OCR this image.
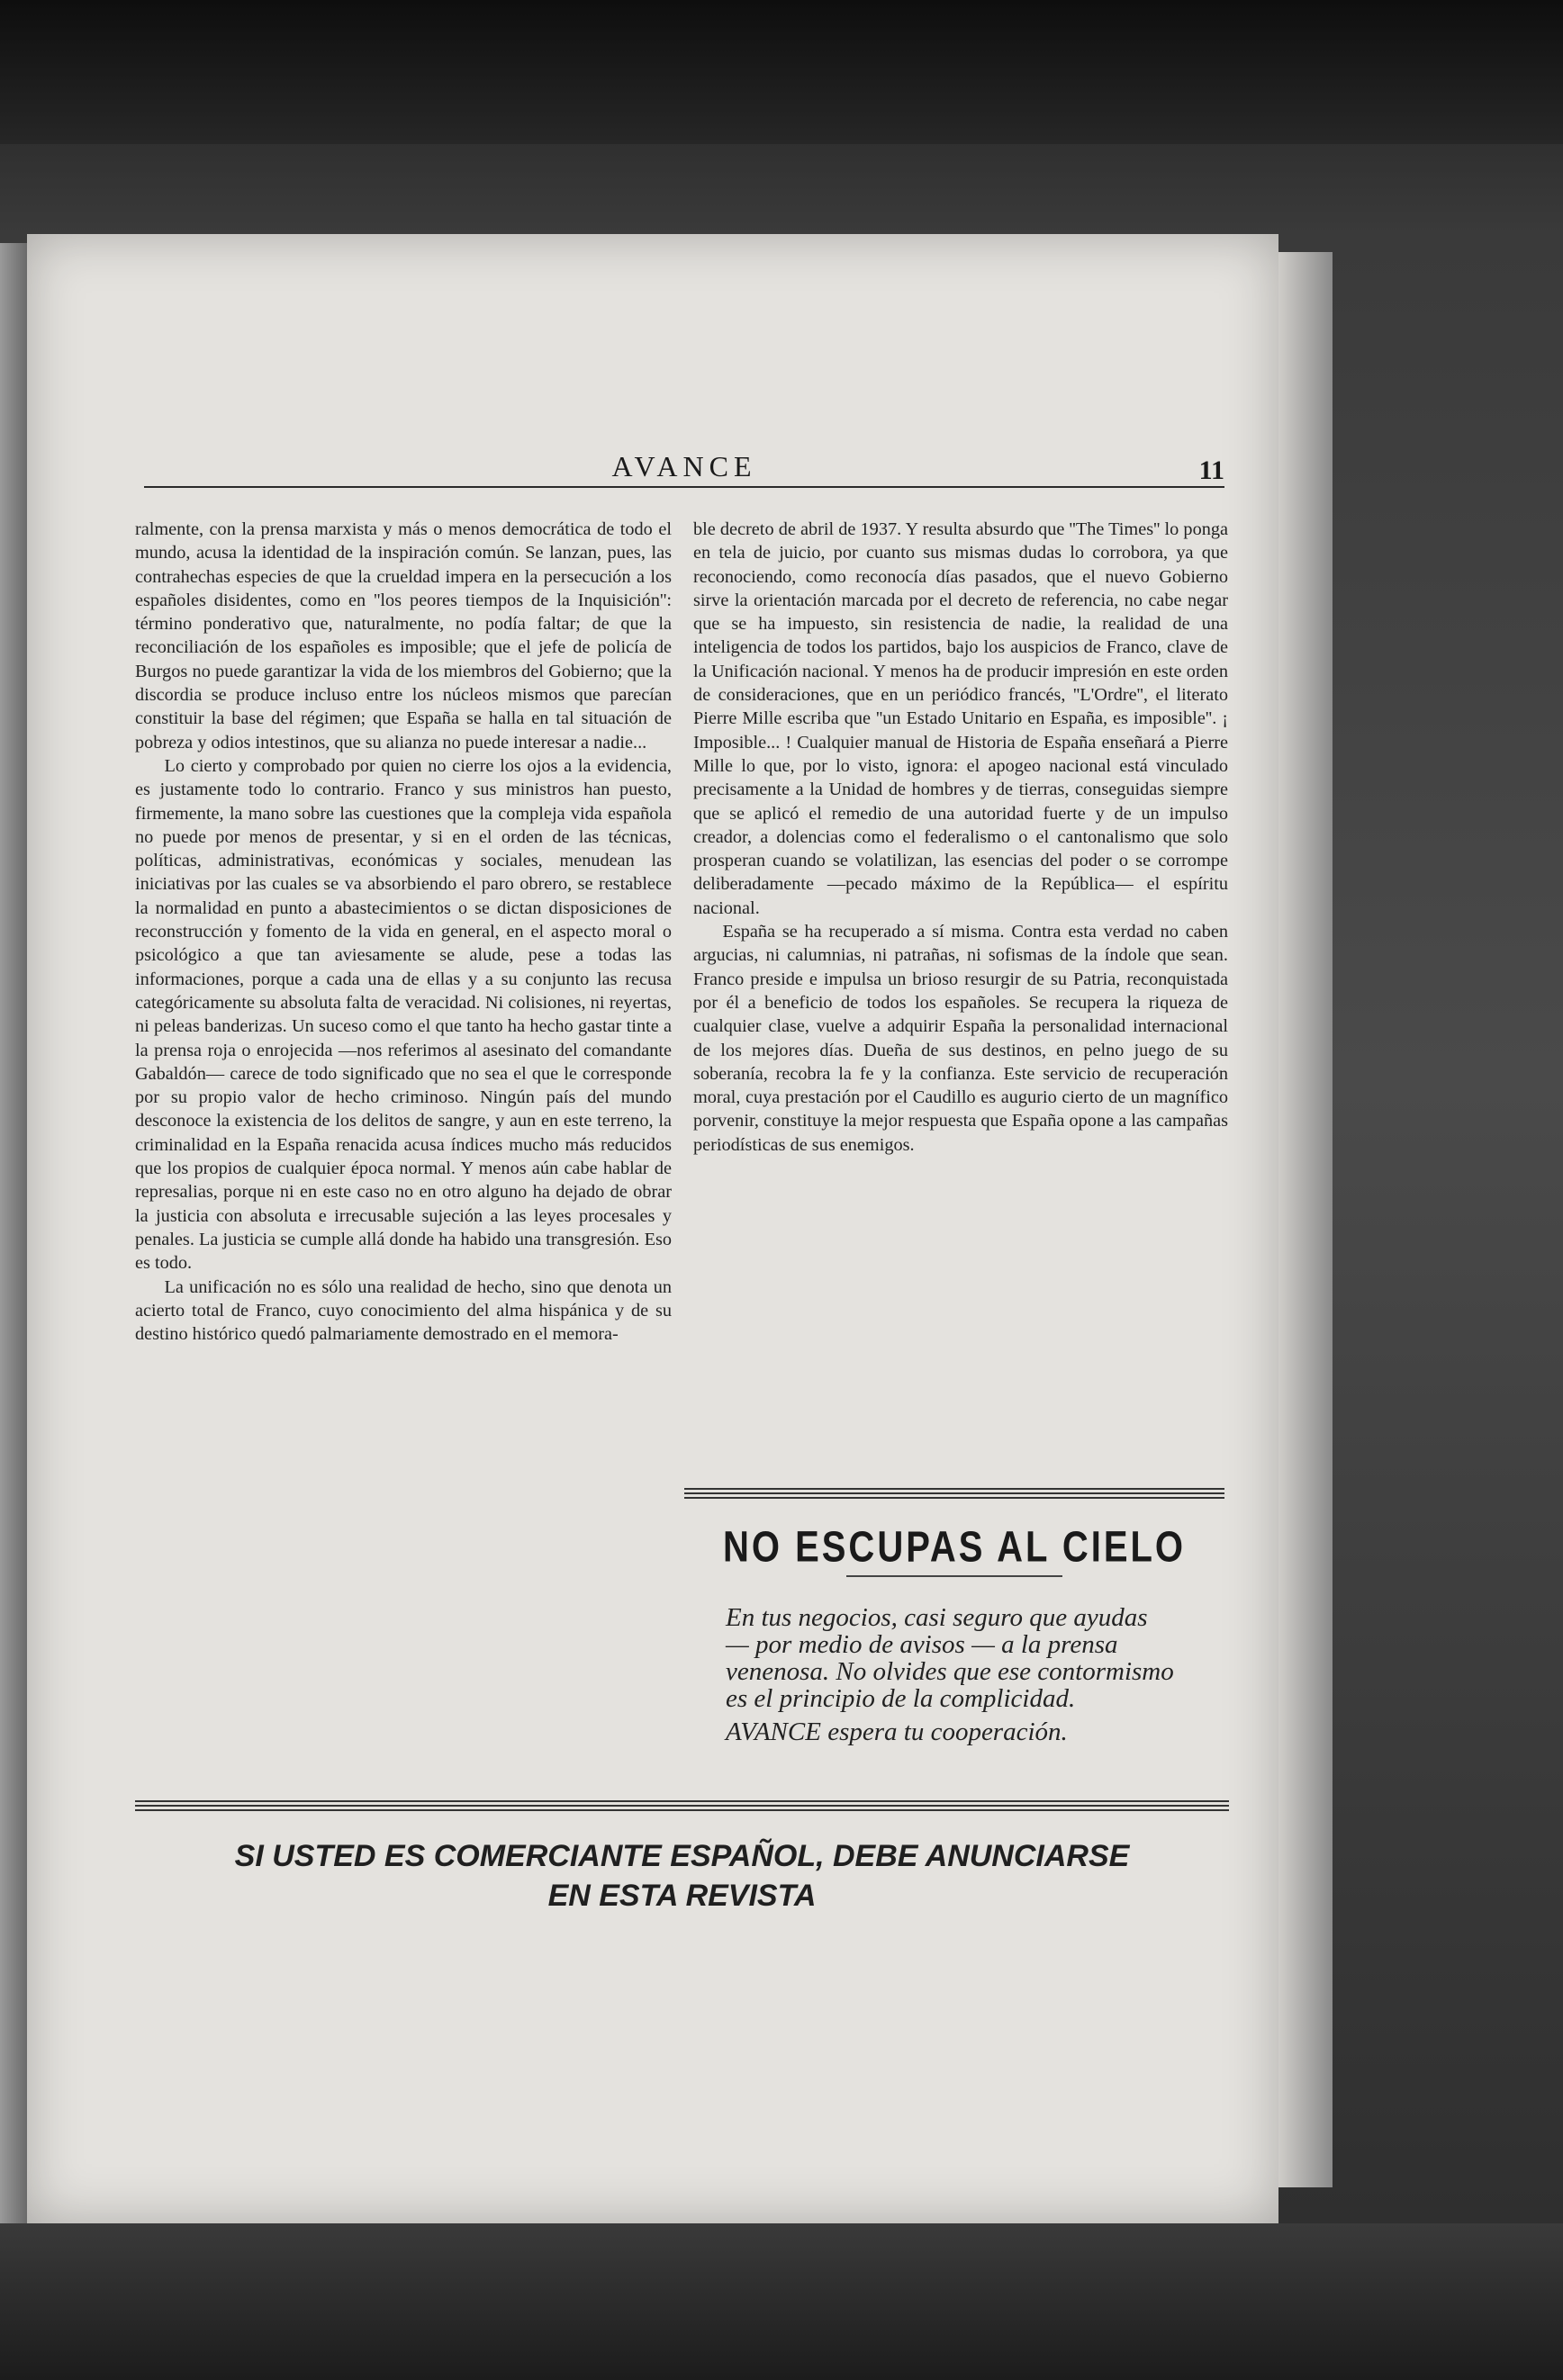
AVANCE	11

ralmente, con la prensa marxista y más o menos democrática de todo el mundo, acusa la identidad de la inspiración común. Se lanzan, pues, las contrahechas especies de que la crueldad impera en la persecución a los españoles disidentes, como en ''los peores tiempos de la Inquisición'': término ponderativo que, naturalmente, no podía faltar; de que la reconciliación de los españoles es imposible; que el jefe de policía de Burgos no puede garantizar la vida de los miembros del Gobierno; que la discordia se produce incluso entre los núcleos mismos que parecían constituir la base del régimen; que España se halla en tal situación de pobreza y odios intestinos, que su alianza no puede interesar a nadie...

Lo cierto y comprobado por quien no cierre los ojos a la evidencia, es justamente todo lo contrario. Franco y sus ministros han puesto, firmemente, la mano sobre las cuestiones que la compleja vida española no puede por menos de presentar, y si en el orden de las técnicas, políticas, administrativas, económicas y sociales, menudean las iniciativas por las cuales se va absorbiendo el paro obrero, se restablece la normalidad en punto a abastecimientos o se dictan disposiciones de reconstrucción y fomento de la vida en general, en el aspecto moral o psicológico a que tan aviesamente se alude, pese a todas las informaciones, porque a cada una de ellas y a su conjunto las recusa categóricamente su absoluta falta de veracidad. Ni colisiones, ni reyertas, ni peleas banderizas. Un suceso como el que tanto ha hecho gastar tinte a la prensa roja o enrojecida —nos referimos al asesinato del comandante Gabaldón— carece de todo significado que no sea el que le corresponde por su propio valor de hecho criminoso. Ningún país del mundo desconoce la existencia de los delitos de sangre, y aun en este terreno, la criminalidad en la España renacida acusa índices mucho más reducidos que los propios de cualquier época normal. Y menos aún cabe hablar de represalias, porque ni en este caso no en otro alguno ha dejado de obrar la justicia con absoluta e irrecusable sujeción a las leyes procesales y penales. La justicia se cumple allá donde ha habido una transgresión. Eso es todo.

La unificación no es sólo una realidad de hecho, sino que denota un acierto total de Franco, cuyo conocimiento del alma hispánica y de su destino histórico quedó palmariamente demostrado en el memora-

ble decreto de abril de 1937. Y resulta absurdo que ''The Times'' lo ponga en tela de juicio, por cuanto sus mismas dudas lo corrobora, ya que reconociendo, como reconocía días pasados, que el nuevo Gobierno sirve la orientación marcada por el decreto de referencia, no cabe negar que se ha impuesto, sin resistencia de nadie, la realidad de una inteligencia de todos los partidos, bajo los auspicios de Franco, clave de la Unificación nacional. Y menos ha de producir impresión en este orden de consideraciones, que en un periódico francés, ''L'Ordre'', el literato Pierre Mille escriba que ''un Estado Unitario en España, es imposible''. ¡ Imposible... ! Cualquier manual de Historia de España enseñará a Pierre Mille lo que, por lo visto, ignora: el apogeo nacional está vinculado precisamente a la Unidad de hombres y de tierras, conseguidas siempre que se aplicó el remedio de una autoridad fuerte y de un impulso creador, a dolencias como el federalismo o el cantonalismo que solo prosperan cuando se volatilizan, las esencias del poder o se corrompe deliberadamente —pecado máximo de la República— el espíritu nacional.

España se ha recuperado a sí misma. Contra esta verdad no caben argucias, ni calumnias, ni patrañas, ni sofismas de la índole que sean. Franco preside e impulsa un brioso resurgir de su Patria, reconquistada por él a beneficio de todos los españoles. Se recupera la riqueza de cualquier clase, vuelve a adquirir España la personalidad internacional de los mejores días. Dueña de sus destinos, en pelno juego de su soberanía, recobra la fe y la confianza. Este servicio de recuperación moral, cuya prestación por el Caudillo es augurio cierto de un magnífico porvenir, constituye la mejor respuesta que España opone a las campañas periodísticas de sus enemigos.

NO ESCUPAS AL CIELO
En tus negocios, casi seguro que ayudas — por medio de avisos — a la prensa venenosa. No olvides que ese contormismo es el principio de la complicidad.
AVANCE espera tu cooperación.
SI USTED ES COMERCIANTE ESPAÑOL, DEBE ANUNCIARSE
EN ESTA REVISTA
